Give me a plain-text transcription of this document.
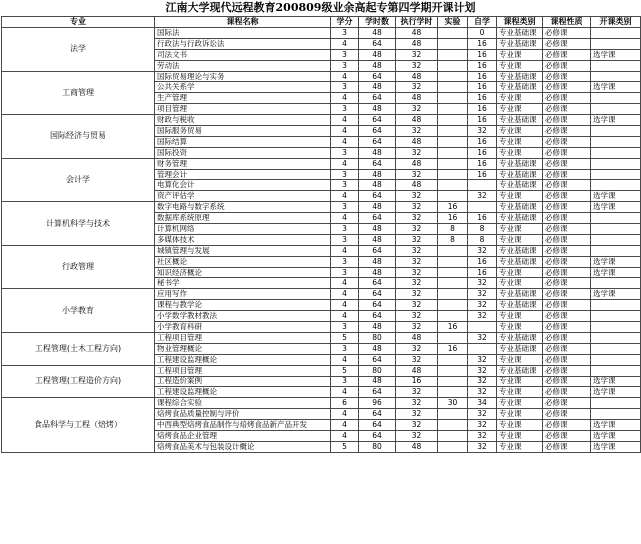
江南大学现代远程教育200809级业余高起专第四学期开课计划
专业	课程名称	学分	学时数	执行学时	实验	自学	课程类别	课程性质	开课类别
法学	国际法	3	48	48		0	专业基础课	必修课	
	行政法与行政诉讼法	4	64	48		16	专业基础课	必修课	
	司法文书	3	48	32		16	专业课	必修课	选学课
	劳动法	3	48	32		16	专业课	必修课	
工商管理	国际贸易理论与实务	4	64	48		16	专业基础课	必修课	
	公共关系学	3	48	32		16	专业基础课	必修课	选学课
	生产管理	4	64	48		16	专业课	必修课	
	项目管理	3	48	32		16	专业课	必修课	
国际经济与贸易	财政与税收	4	64	48		16	专业基础课	必修课	选学课
	国际服务贸易	4	64	32		32	专业课	必修课	
	国际结算	4	64	48		16	专业课	必修课	
	国际投资	3	48	32		16	专业课	必修课	
会计学	财务管理	4	64	48		16	专业基础课	必修课	
	管理会计	3	48	32		16	专业基础课	必修课	
	电算化会计	3	48	48			专业基础课	必修课	
	资产评估学	4	64	32		32	专业课	必修课	选学课
计算机科学与技术	数字电路与数字系统	3	48	32	16		专业基础课	必修课	选学课
	数据库系统原理	4	64	32	16	16	专业基础课	必修课	
	计算机网络	3	48	32	8	8	专业课	必修课	
	多媒体技术	3	48	32	8	8	专业课	必修课	
行政管理	城镇管理与发展	4	64	32		32	专业基础课	必修课	
	社区概论	3	48	32		16	专业基础课	必修课	选学课
	知识经济概论	3	48	32		16	专业课	必修课	选学课
	秘书学	4	64	32		32	专业课	必修课	
小学教育	应用写作	4	64	32		32	专业基础课	必修课	选学课
	课程与教学论	4	64	32		32	专业基础课	必修课	
	小学数学教材教法	4	64	32		32	专业课	必修课	
	小学教育科研	3	48	32	16		专业课	必修课	
工程管理(土木工程方向)	工程项目管理	5	80	48		32	专业基础课	必修课	
	物业管理概论	3	48	32	16		专业基础课	必修课	
	工程建设监理概论	4	64	32		32	专业课	必修课	
工程管理(工程造价方向)	工程项目管理	5	80	48		32	专业基础课	必修课	
	工程造价案例	3	48	16		32	专业课	必修课	选学课
	工程建设监理概论	4	64	32		32	专业课	必修课	选学课
食品科学与工程（焙烤）	课程综合实验	6	96	32	30	34	专业课	必修课	
	焙烤食品质量控制与评价	4	64	32		32	专业课	必修课	
	中西典型焙烤食品制作与焙烤食品新产品开发	4	64	32		32	专业课	必修课	选学课
	焙烤食品企业管理	4	64	32		32	专业课	必修课	选学课
	焙烤食品美术与包装设计概论	5	80	48		32	专业课	必修课	选学课
